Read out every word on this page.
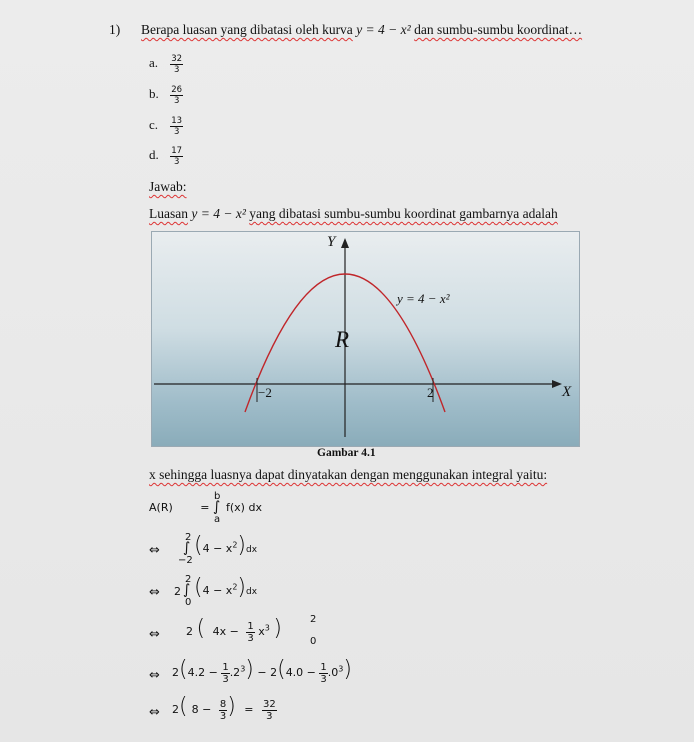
1) Berapa luasan yang dibatasi oleh kurva y = 4 − x² dan sumbu-sumbu koordinat…
a. $\frac{32}{3}$
b. $\frac{26}{3}$
c. $\frac{13}{3}$
d. $\frac{17}{3}$
Jawab:
Luasan y = 4 − x² yang dibatasi sumbu-sumbu koordinat gambarnya adalah
Y
X
y = 4 − x²
R
−2	2
Gambar 4.1
x sehingga luasnya dapat dinyatakan dengan menggunakan integral yaitu:
A(R)	=
b
∫
a
f(x) dx
⇔
2
∫
−2
$(4 - x^2)dx$
⇔ 2
2
∫
0
$(4 - x^2)dx$
⇔ 2 ( $4x - \frac{1}{3} x^3$ )	2
0
⇔ $2(4.2 - \frac{1}{3} .2^3) - 2(4.0 - \frac{1}{3} .0^3)$
⇔ 2( $8 - \frac{8}{3}$ ) = $\frac{32}{3}$
